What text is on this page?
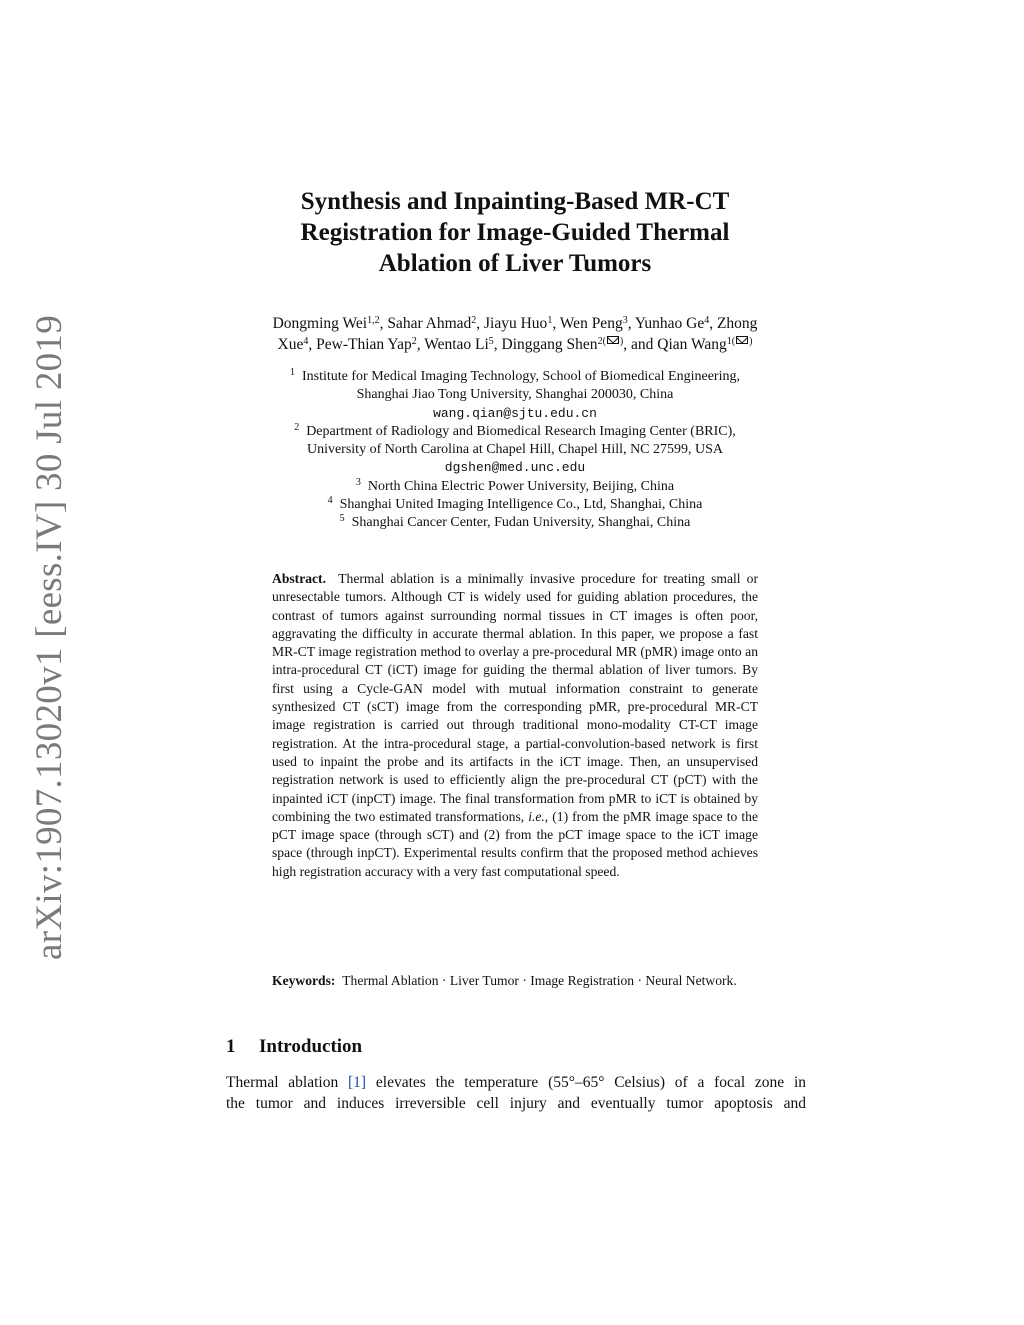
arXiv:1907.13020v1 [eess.IV] 30 Jul 2019
Synthesis and Inpainting-Based MR-CT
Registration for Image-Guided Thermal
Ablation of Liver Tumors
Dongming Wei$^{1,2}$, Sahar Ahmad$^2$, Jiayu Huo$^1$, Wen Peng$^3$, Yunhao Ge$^4$, Zhong
Xue$^4$, Pew-Thian Yap$^2$, Wentao Li$^5$, Dinggang Shen$^{2( )}$, and Qian Wang$^{1( )}$
$^1$ Institute for Medical Imaging Technology, School of Biomedical Engineering,
Shanghai Jiao Tong University, Shanghai 200030, China
wang.qian@sjtu.edu.cn
$^2$ Department of Radiology and Biomedical Research Imaging Center (BRIC),
University of North Carolina at Chapel Hill, Chapel Hill, NC 27599, USA
dgshen@med.unc.edu
$^3$ North China Electric Power University, Beijing, China
$^4$ Shanghai United Imaging Intelligence Co., Ltd, Shanghai, China
$^5$ Shanghai Cancer Center, Fudan University, Shanghai, China
Abstract. Thermal ablation is a minimally invasive procedure for treating small or unresectable tumors. Although CT is widely used for guiding ablation procedures, the contrast of tumors against surrounding normal tissues in CT images is often poor, aggravating the difficulty in accurate thermal ablation. In this paper, we propose a fast MR-CT image registration method to overlay a pre-procedural MR (pMR) image onto an intra-procedural CT (iCT) image for guiding the thermal ablation of liver tumors. By first using a Cycle-GAN model with mutual information constraint to generate synthesized CT (sCT) image from the corresponding pMR, pre-procedural MR-CT image registration is carried out through traditional mono-modality CT-CT image registration. At the intra-procedural stage, a partial-convolution-based network is first used to inpaint the probe and its artifacts in the iCT image. Then, an unsupervised registration network is used to efficiently align the pre-procedural CT (pCT) with the inpainted iCT (inpCT) image. The final transformation from pMR to iCT is obtained by combining the two estimated transformations, i.e., (1) from the pMR image space to the pCT image space (through sCT) and (2) from the pCT image space to the iCT image space (through inpCT). Experimental results confirm that the proposed method achieves high registration accuracy with a very fast computational speed.
Keywords: Thermal Ablation · Liver Tumor · Image Registration · Neural Network.
1 Introduction
Thermal ablation [1] elevates the temperature (55°–65° Celsius) of a focal zone in
the tumor and induces irreversible cell injury and eventually tumor apoptosis and
